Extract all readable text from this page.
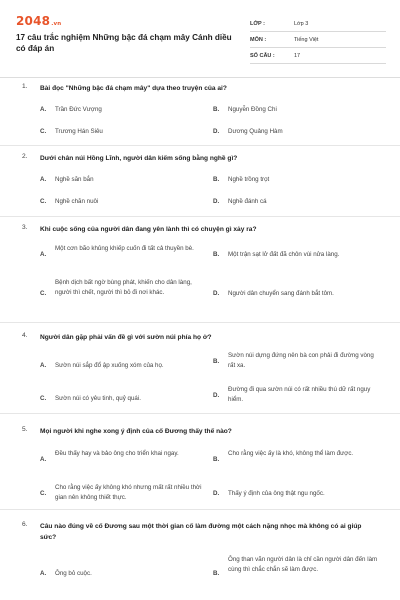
2048 .vn
17 câu trắc nghiệm Những bậc đá chạm mây Cánh diều có đáp án
LỚP :	Lớp 3
MÔN :	Tiếng Việt
SỐ CÂU :	17
1. Bài đọc "Những bậc đá chạm mây" dựa theo truyện của ai?
A. Trần Đức Vượng	B. Nguyễn Đồng Chi
C. Trương Hán Siêu	D. Dương Quảng Hàm
2. Dưới chân núi Hồng Lĩnh, người dân kiếm sống bằng nghề gì?
A. Nghề săn bắn	B. Nghề trồng trọt
C. Nghề chăn nuôi	D. Nghề đánh cá
3. Khi cuộc sống của người dân đang yên lành thì có chuyện gì xảy ra?
A.
Một cơn bão khủng khiếp cuốn đi tất cả thuyền bè.
B. Một trận sạt lở đất đã chôn vùi nửa làng.
C.
Bệnh dịch bất ngờ bùng phát, khiến cho dân làng, người thì chết, người thì bỏ đi nơi khác.	D. Người dân chuyển sang đánh bắt tôm.
4. Người dân gặp phải vấn đề gì với sườn núi phía họ ở?
A. Sườn núi sắp đổ ập xuống xóm của họ.
B.
Sườn núi dựng đứng nên bà con phải đi đường vòng rất xa.
C. Sườn núi có yêu tinh, quỷ quái.	D.
Đường đi qua sườn núi có rất nhiều thú dữ rất nguy hiểm.
5. Mọi người khi nghe xong ý định của cố Đương thấy thế nào?
A.
Đều thấy hay và bảo ông cho triển khai ngay.
B.
Cho rằng việc ấy là khó, không thể làm được.
C.
Cho rằng việc ấy không khó nhưng mất rất nhiều thời gian nên không thiết thực.
D. Thấy ý định của ông thật ngu ngốc.
6. Câu nào đúng về cố Đương sau một thời gian cố làm đường một cách nặng nhọc mà không có ai giúp sức?
A. Ông bỏ cuộc.	B.
Ông than vãn người dân là chỉ cần người dân đến làm cùng thì chắc chắn sẽ làm được.
